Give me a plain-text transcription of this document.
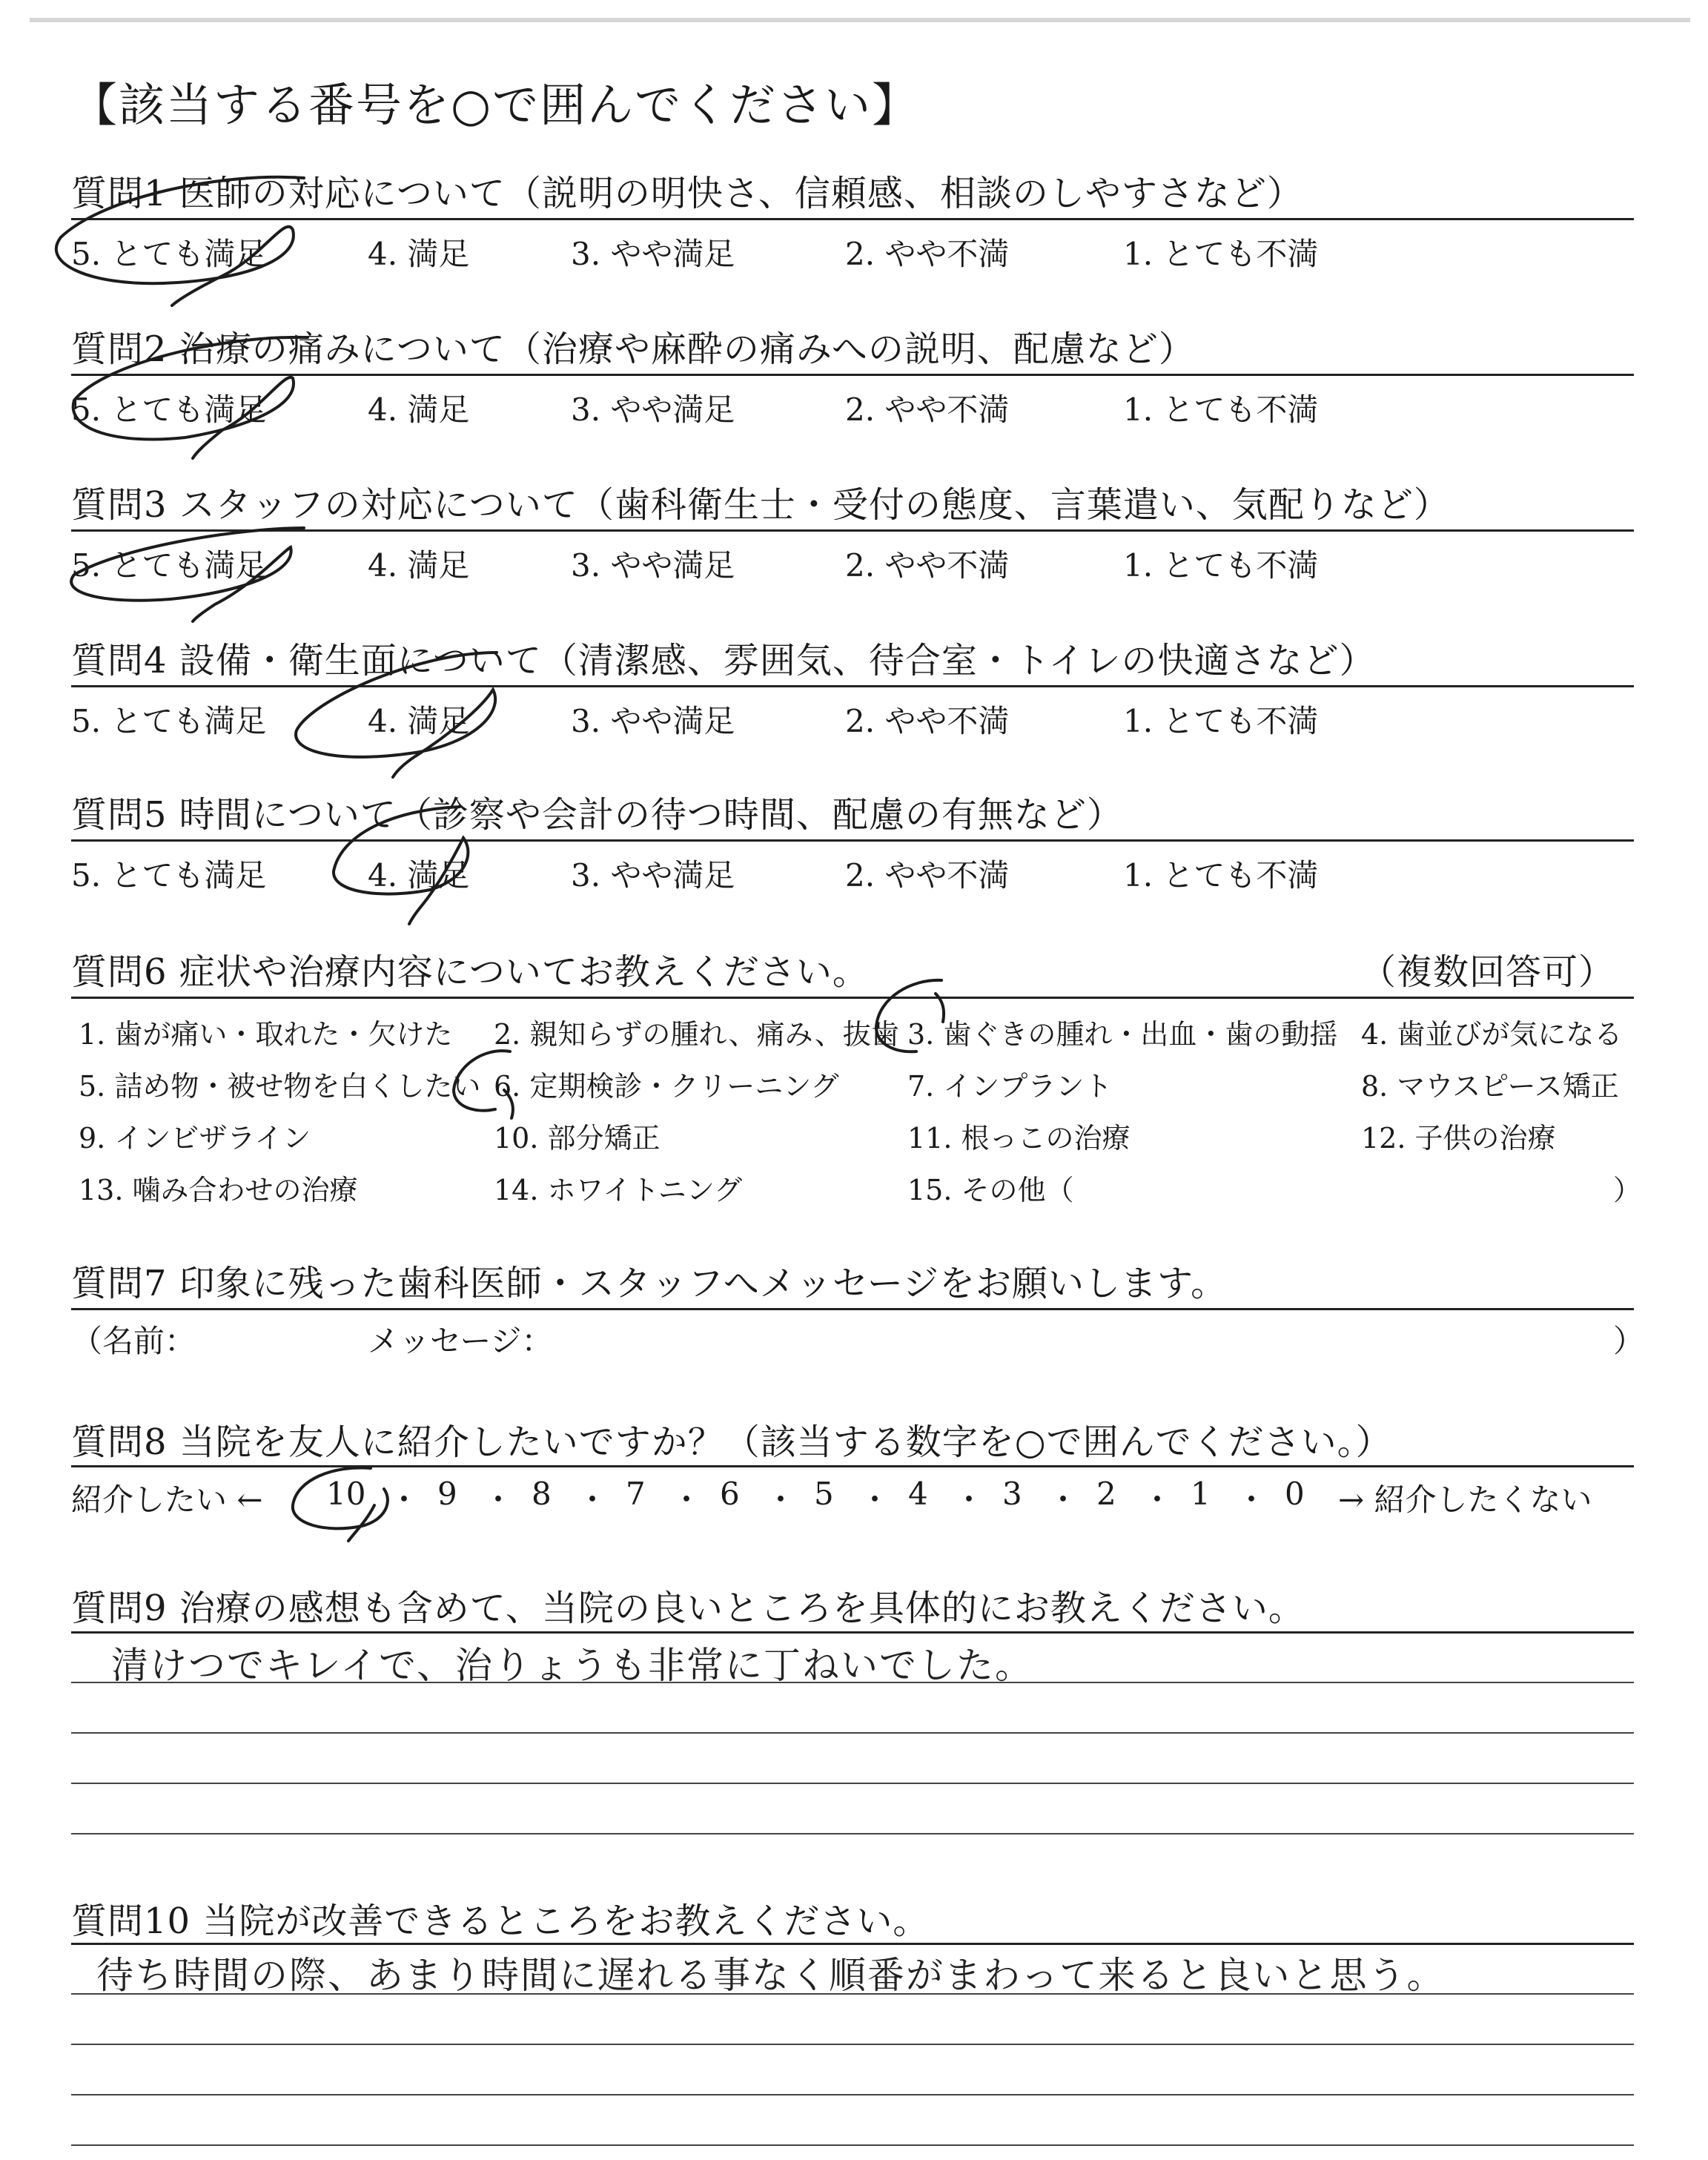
【該当する番号を○で囲んでください】
質問1 医師の対応について（説明の明快さ、信頼感、相談のしやすさなど）
5. とても満足	4. 満足	3. やや満足	2. やや不満	1. とても不満
質問2 治療の痛みについて（治療や麻酔の痛みへの説明、配慮など）
5. とても満足	4. 満足	3. やや満足	2. やや不満	1. とても不満
質問3 スタッフの対応について（歯科衛生士・受付の態度、言葉遣い、気配りなど）
5. とても満足	4. 満足	3. やや満足	2. やや不満	1. とても不満
質問4 設備・衛生面について（清潔感、雰囲気、待合室・トイレの快適さなど）
5. とても満足	4. 満足	3. やや満足	2. やや不満	1. とても不満
質問5 時間について（診察や会計の待つ時間、配慮の有無など）
5. とても満足	4. 満足	3. やや満足	2. やや不満	1. とても不満
質問6 症状や治療内容についてお教えください。	（複数回答可）
1. 歯が痛い・取れた・欠けた 2. 親知らずの腫れ、痛み、抜歯 3. 歯ぐきの腫れ・出血・歯の動揺 4. 歯並びが気になる
5. 詰め物・被せ物を白くしたい 6. 定期検診・クリーニング 7. インプラント	8. マウスピース矯正
9. インビザライン	10. 部分矯正	11. 根っこの治療	12. 子供の治療
13. 噛み合わせの治療	14. ホワイトニング	15. その他（	）
質問7 印象に残った歯科医師・スタッフへメッセージをお願いします。
（名前：	メッセージ：	）
質問8 当院を友人に紹介したいですか？（該当する数字を○で囲んでください。）
紹介したい ←	→ 紹介したくない
10 ・ 9 ・ 8 ・ 7 ・ 6 ・ 5 ・ 4 ・ 3 ・ 2 ・ 1 ・ 0
質問9 治療の感想も含めて、当院の良いところを具体的にお教えください。
清けつでキレイで、治りょうも非常に丁ねいでした。
質問10 当院が改善できるところをお教えください。
待ち時間の際、あまり時間に遅れる事なく順番がまわって来ると良いと思う。
